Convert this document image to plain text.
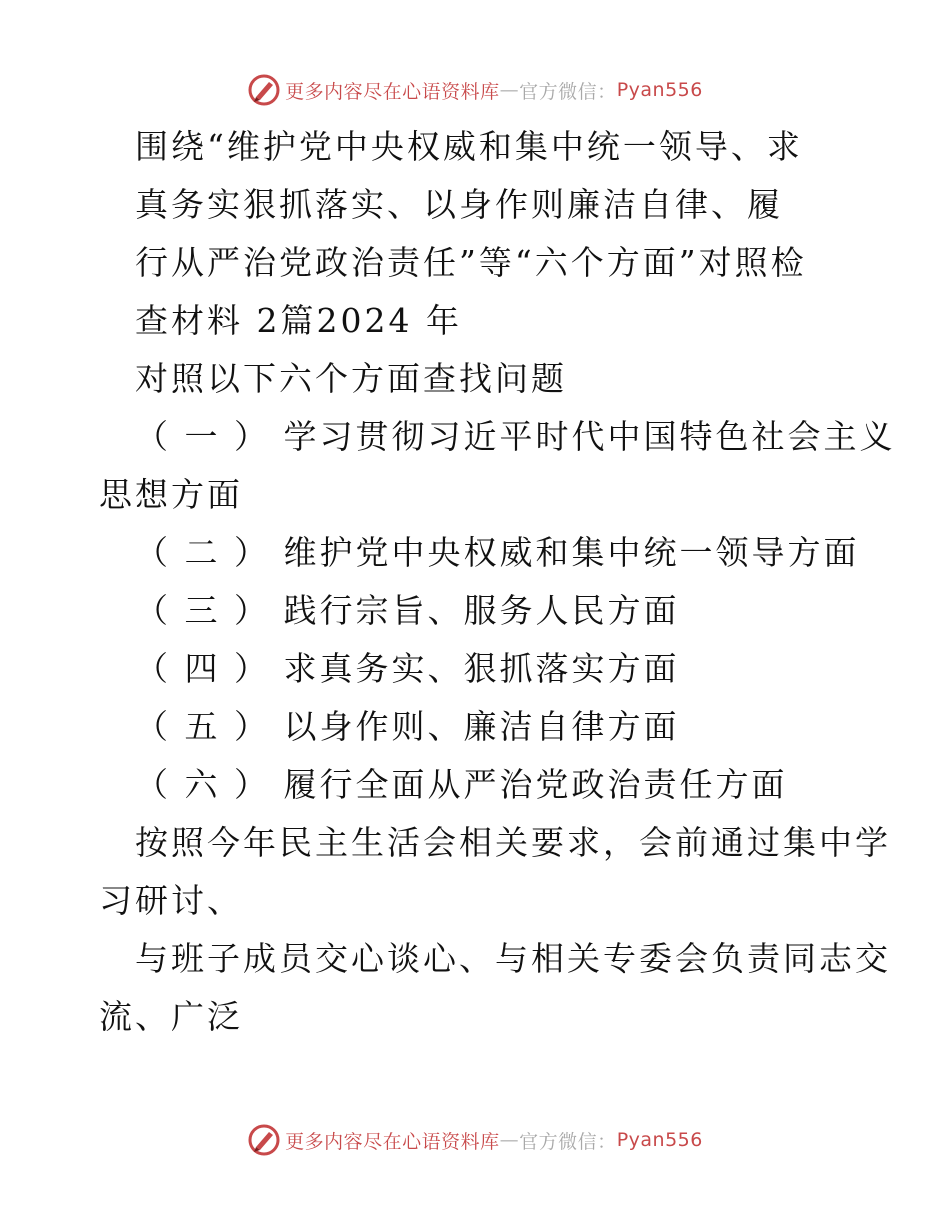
更多内容尽在心语资料库 — 官方微信： Pyan556
围绕“维护党中央权威和集中统一领导、求
真务实狠抓落实、以身作则廉洁自律、履
行从严治党政治责任”等“六个方面”对照检
查材料 2篇2024 年
对照以下六个方面查找问题
（ 一 ） 学习贯彻习近平时代中国特色社会主义
思想方面
（ 二 ） 维护党中央权威和集中统一领导方面
（ 三 ） 践行宗旨、服务人民方面
（ 四 ） 求真务实、狠抓落实方面
（ 五 ） 以身作则、廉洁自律方面
（ 六 ） 履行全面从严治党政治责任方面
按照今年民主生活会相关要求，会前通过集中学
习研讨、
与班子成员交心谈心、与相关专委会负责同志交
流、广泛
更多内容尽在心语资料库 — 官方微信： Pyan556
